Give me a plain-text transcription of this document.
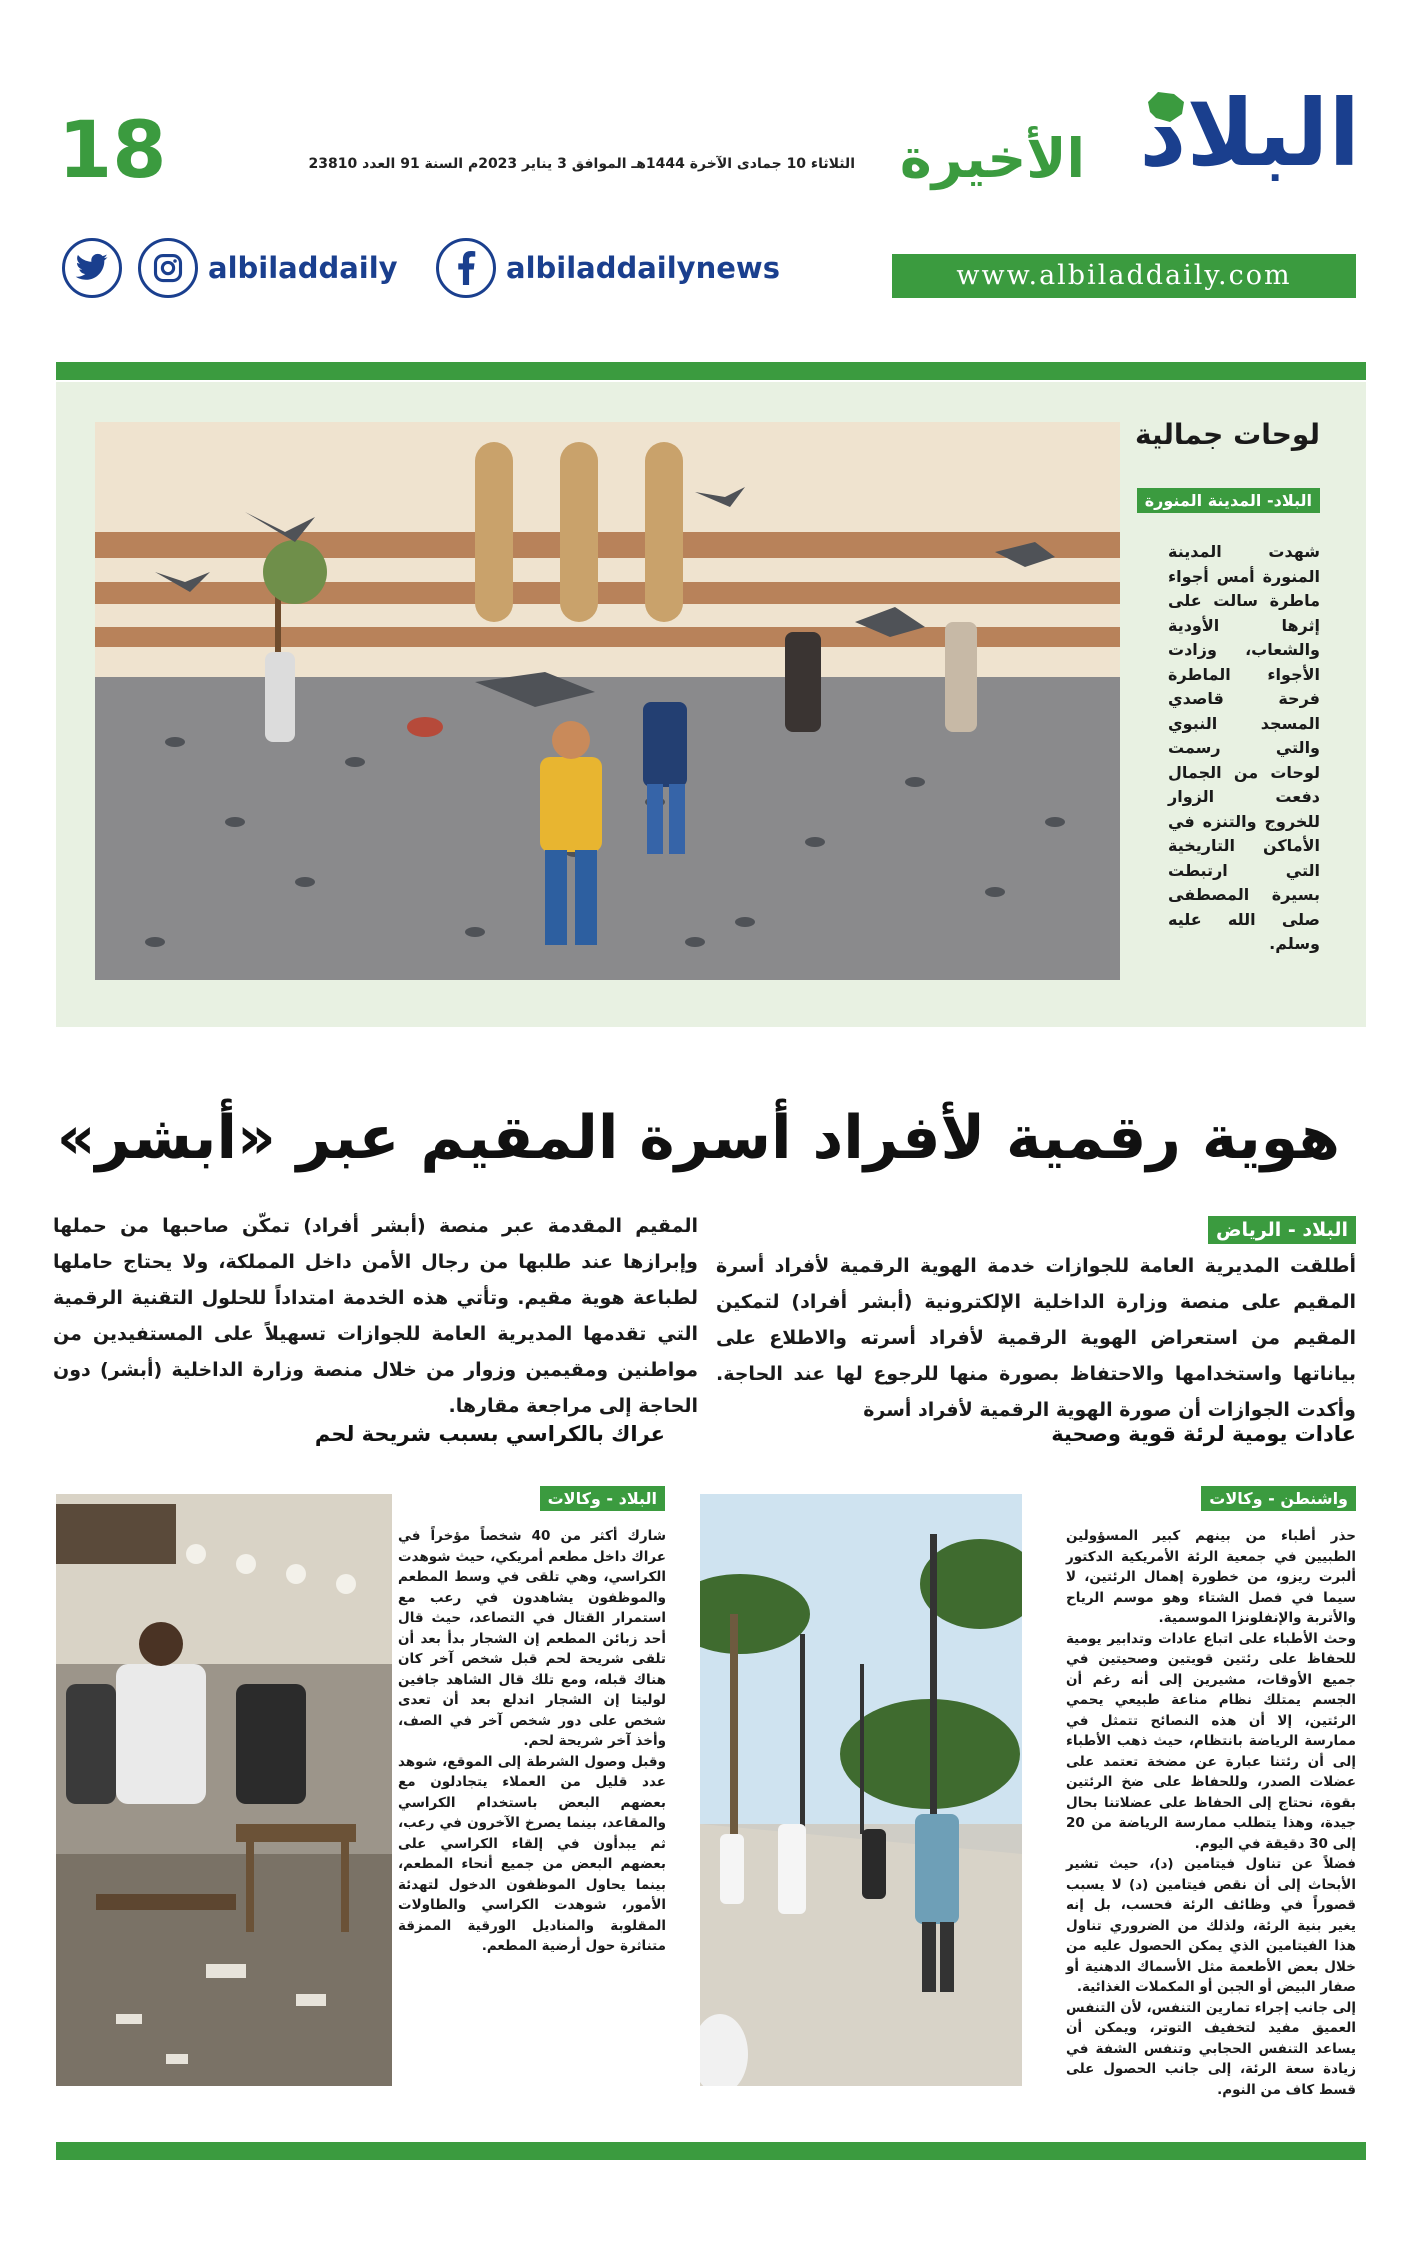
18	الثلاثاء 10 جمادى الآخرة 1444هـ الموافق 3 يناير 2023م السنة 91 العدد 23810	البلاد
الأخيرة
www.albiladdaily.com
albiladdaily	albiladdailynews
لوحات جمالية
البلاد- المدينة المنورة
شهدت المدينة المنورة أمس أجواء ماطرة سالت على إثرها الأودية والشعاب، وزادت الأجواء الماطرة فرحة قاصدي المسجد النبوي والتي رسمت لوحات من الجمال دفعت الزوار للخروج والتنزه في الأماكن التاريخية التي ارتبطت بسيرة المصطفى صلى الله عليه وسلم.
هوية رقمية لأفراد أسرة المقيم عبر «أبشر»
البلاد - الرياض
أطلقت المديرية العامة للجوازات خدمة الهوية الرقمية لأفراد أسرة المقيم على منصة وزارة الداخلية الإلكترونية (أبشر أفراد) لتمكين المقيم من استعراض الهوية الرقمية لأفراد أسرته والاطلاع على بياناتها واستخدامها والاحتفاظ بصورة منها للرجوع لها عند الحاجة. وأكدت الجوازات أن صورة الهوية الرقمية لأفراد أسرة
المقيم المقدمة عبر منصة (أبشر أفراد) تمكّن صاحبها من حملها وإبرازها عند طلبها من رجال الأمن داخل المملكة، ولا يحتاج حاملها لطباعة هوية مقيم. وتأتي هذه الخدمة امتداداً للحلول التقنية الرقمية التي تقدمها المديرية العامة للجوازات تسهيلاً على المستفيدين من مواطنين ومقيمين وزوار من خلال منصة وزارة الداخلية (أبشر) دون الحاجة إلى مراجعة مقارها.
عادات يومية لرئة قوية وصحية
واشنطن - وكالات
حذر أطباء من بينهم كبير المسؤولين الطبيين في جمعية الرئة الأمريكية الدكتور ألبرت ريزو، من خطورة إهمال الرئتين، لا سيما في فصل الشتاء وهو موسم الرياح والأتربة والإنفلونزا الموسمية.
وحث الأطباء على اتباع عادات وتدابير يومية للحفاظ على رئتين قويتين وصحيتين في جميع الأوقات، مشيرين إلى أنه رغم أن الجسم يمتلك نظام مناعة طبيعي يحمي الرئتين، إلا أن هذه النصائح تتمثل في ممارسة الرياضة بانتظام، حيث ذهب الأطباء إلى أن رئتنا عبارة عن مضخة تعتمد على عضلات الصدر، وللحفاظ على ضخ الرئتين بقوة، نحتاج إلى الحفاظ على عضلاتنا بحال جيدة، وهذا يتطلب ممارسة الرياضة من 20 إلى 30 دقيقة في اليوم.
فضلاً عن تناول فيتامين (د)، حيث تشير الأبحاث إلى أن نقص فيتامين (د) لا يسبب قصوراً في وظائف الرئة فحسب، بل إنه يغير بنية الرئة، ولذلك من الضروري تناول هذا الفيتامين الذي يمكن الحصول عليه من خلال بعض الأطعمة مثل الأسماك الدهنية أو صفار البيض أو الجبن أو المكملات الغذائية.
إلى جانب إجراء تمارين التنفس، لأن التنفس العميق مفيد لتخفيف التوتر، ويمكن أن يساعد التنفس الحجابي وتنفس الشفة في زيادة سعة الرئة، إلى جانب الحصول على قسط كاف من النوم.
عراك بالكراسي بسبب شريحة لحم
البلاد - وكالات
شارك أكثر من 40 شخصاً مؤخراً في عراك داخل مطعم أمريكي، حيث شوهدت الكراسي، وهي تلقى في وسط المطعم والموظفون يشاهدون في رعب مع استمرار القتال في التصاعد، حيث قال أحد زبائن المطعم إن الشجار بدأ بعد أن تلقى شريحة لحم قبل شخص آخر كان هناك قبله، ومع تلك قال الشاهد جافين لوليتا إن الشجار اندلع بعد أن تعدى شخص على دور شخص آخر في الصف، وأخذ آخر شريحة لحم.
وقبل وصول الشرطة إلى الموقع، شوهد عدد قليل من العملاء يتجادلون مع بعضهم البعض باستخدام الكراسي والمقاعد، بينما يصرخ الآخرون في رعب، ثم يبدأون في إلقاء الكراسي على بعضهم البعض من جميع أنحاء المطعم، بينما يحاول الموظفون الدخول لتهدئة الأمور، شوهدت الكراسي والطاولات المقلوبة والمناديل الورقية الممزقة متناثرة حول أرضية المطعم.
